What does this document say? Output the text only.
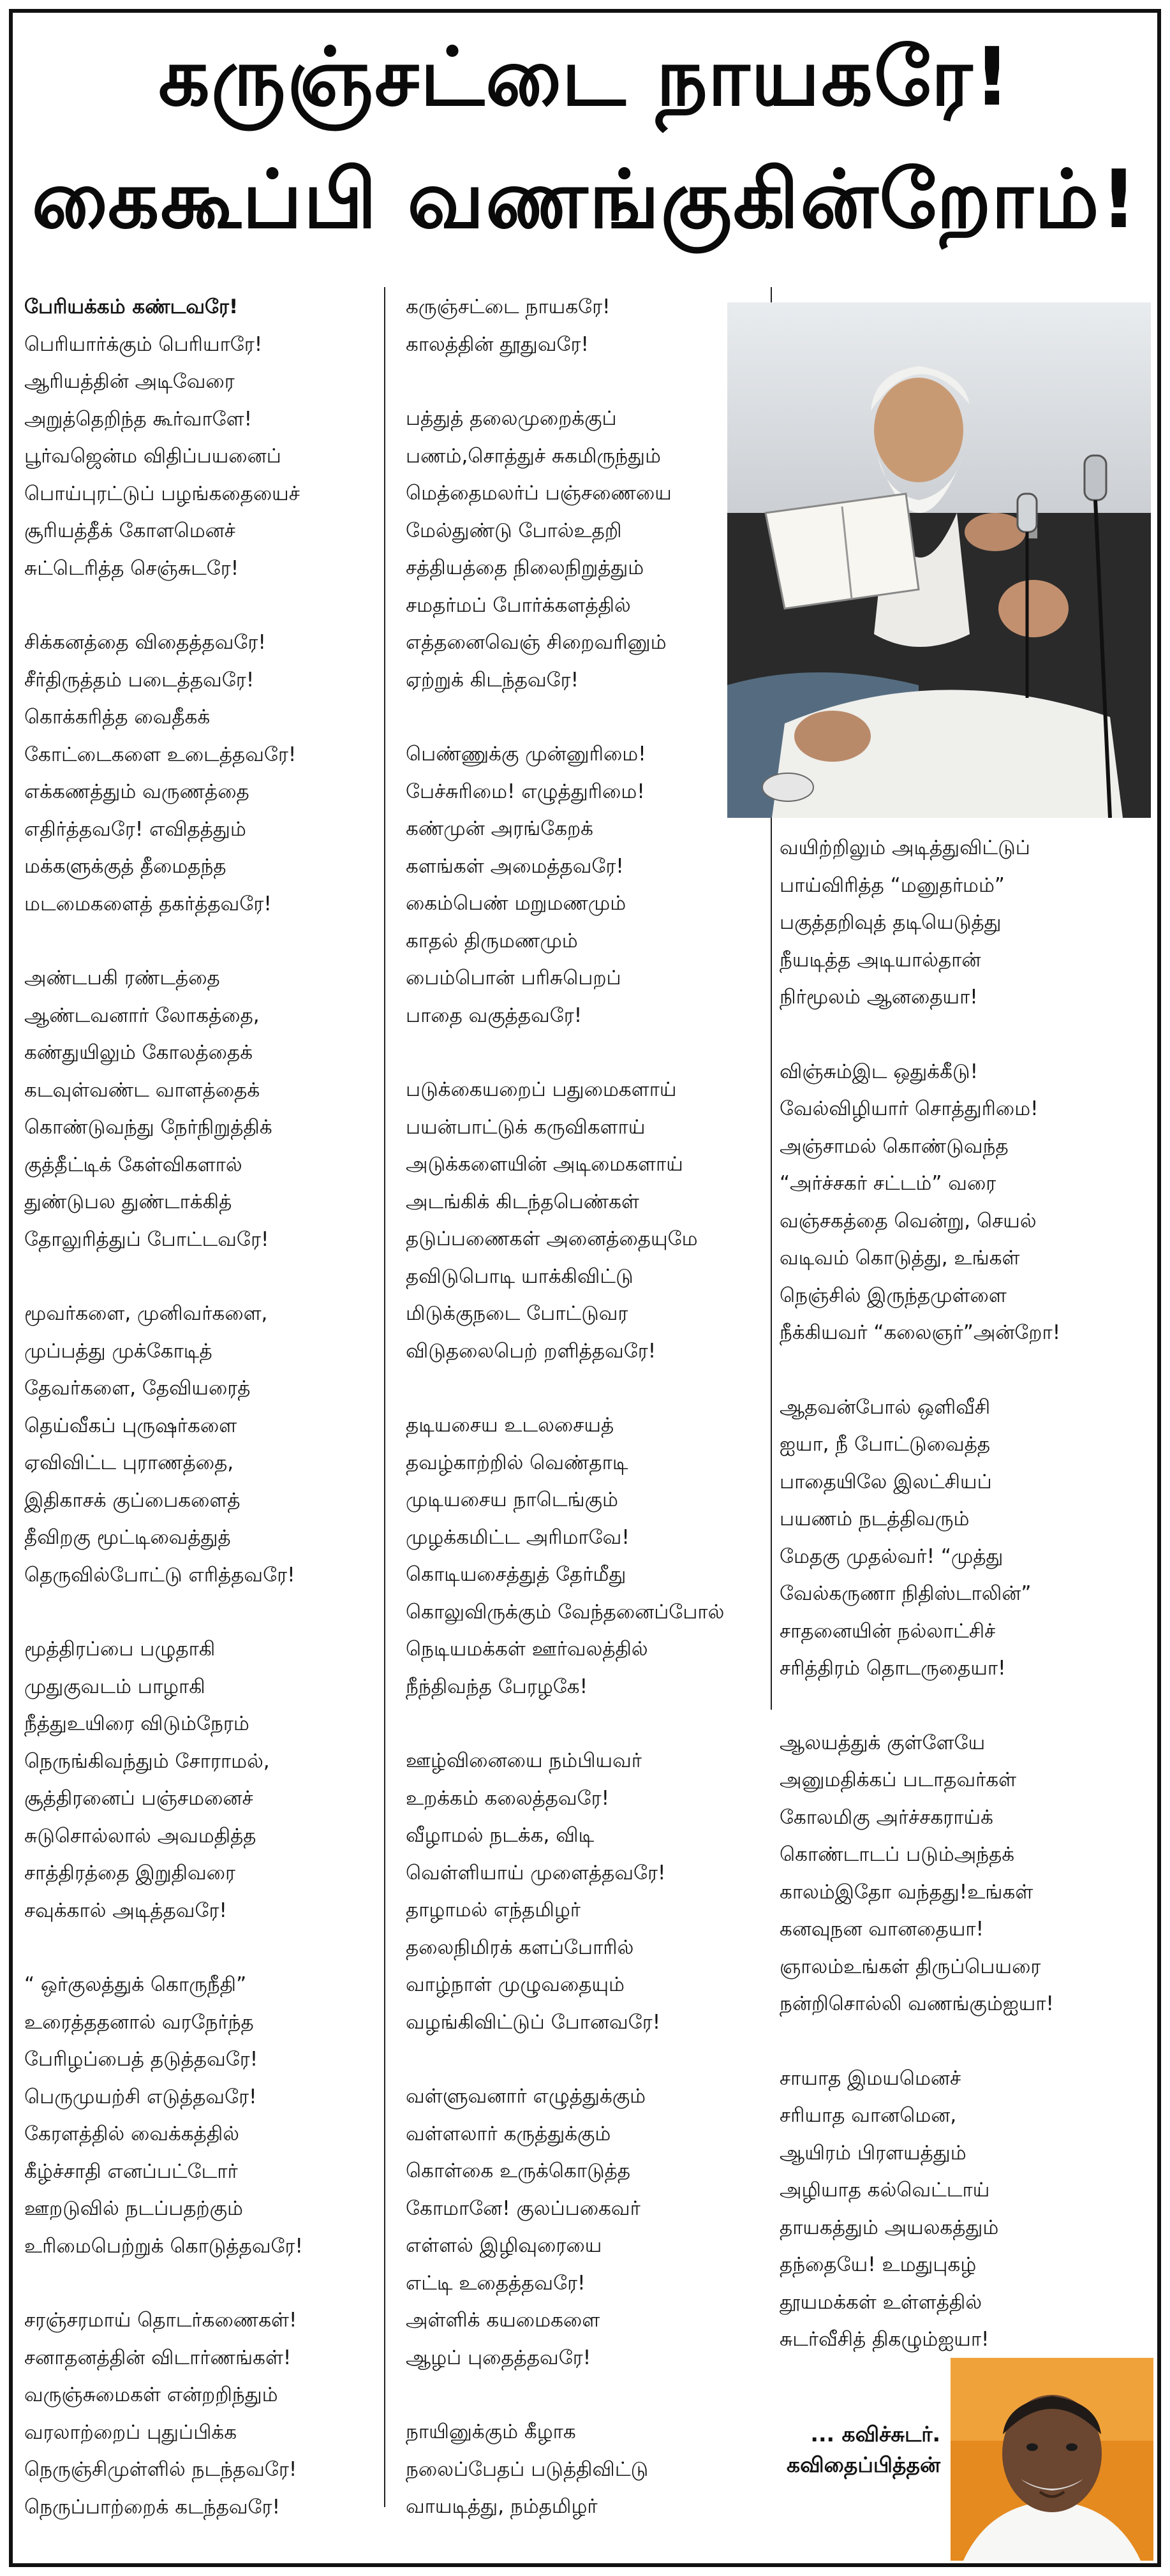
கருஞ்சட்டை நாயகரே!
கைகூப்பி வணங்குகின்றோம்!

பேரியக்கம் கண்டவரே!
பெரியார்க்கும் பெரியாரே!
ஆரியத்தின் அடிவேரை
அறுத்தெறிந்த கூர்வாளே!
பூர்வஜென்ம விதிப்பயனைப்
பொய்புரட்டுப் பழங்கதையைச்
சூரியத்தீக் கோளமெனச்
சுட்டெரித்த செஞ்சுடரே!

சிக்கனத்தை விதைத்தவரே!
சீர்திருத்தம் படைத்தவரே!
கொக்கரித்த வைதீகக்
கோட்டைகளை உடைத்தவரே!
எக்கணத்தும் வருணத்தை
எதிர்த்தவரே! எவிதத்தும்
மக்களுக்குத் தீமைதந்த
மடமைகளைத் தகர்த்தவரே!

அண்டபகி ரண்டத்தை
ஆண்டவனார் லோகத்தை,
கண்துயிலும் கோலத்தைக்
கடவுள்வண்ட வாளத்தைக்
கொண்டுவந்து நேர்நிறுத்திக்
குத்தீட்டிக் கேள்விகளால்
துண்டுபல துண்டாக்கித்
தோலுரித்துப் போட்டவரே!

மூவர்களை, முனிவர்களை,
முப்பத்து முக்கோடித்
தேவர்களை, தேவியரைத்
தெய்வீகப் புருஷர்களை
ஏவிவிட்ட புராணத்தை,
இதிகாசக் குப்பைகளைத்
தீவிறகு மூட்டிவைத்துத்
தெருவில்போட்டு எரித்தவரே!

மூத்திரப்பை பழுதாகி
முதுகுவடம் பாழாகி
நீத்துஉயிரை விடும்நேரம்
நெருங்கிவந்தும் சோராமல்,
சூத்திரனைப் பஞ்சமனைச்
சுடுசொல்லால் அவமதித்த
சாத்திரத்தை இறுதிவரை
சவுக்கால் அடித்தவரே!

“ ஒர்குலத்துக் கொருநீதி”
உரைத்ததனால் வரநேர்ந்த
பேரிழப்பைத் தடுத்தவரே!
பெருமுயற்சி எடுத்தவரே!
கேரளத்தில் வைக்கத்தில்
கீழ்ச்சாதி எனப்பட்டோர்
ஊறடுவில் நடப்பதற்கும்
உரிமைபெற்றுக் கொடுத்தவரே!

சரஞ்சரமாய் தொடர்கணைகள்!
சனாதனத்தின் விடார்ணங்கள்!
வருஞ்சுமைகள் என்றறிந்தும்
வரலாற்றைப் புதுப்பிக்க
நெருஞ்சிமுள்ளில் நடந்தவரே!
நெருப்பாற்றைக் கடந்தவரே!

கருஞ்சட்டை நாயகரே!
காலத்தின் தூதுவரே!

பத்துத் தலைமுறைக்குப்
பணம்,சொத்துச் சுகமிருந்தும்
மெத்தைமலர்ப் பஞ்சணையை
மேல்துண்டு போல்உதறி
சத்தியத்தை நிலைநிறுத்தும்
சமதர்மப் போர்க்களத்தில்
எத்தனைவெஞ் சிறைவரினும்
ஏற்றுக் கிடந்தவரே!

பெண்ணுக்கு முன்னுரிமை!
பேச்சுரிமை! எழுத்துரிமை!
கண்முன் அரங்கேறக்
களங்கள் அமைத்தவரே!
கைம்பெண் மறுமணமும்
காதல் திருமணமும்
பைம்பொன் பரிசுபெறப்
பாதை வகுத்தவரே!

படுக்கையறைப் பதுமைகளாய்
பயன்பாட்டுக் கருவிகளாய்
அடுக்களையின் அடிமைகளாய்
அடங்கிக் கிடந்தபெண்கள்
தடுப்பணைகள் அனைத்தையுமே
தவிடுபொடி யாக்கிவிட்டு
மிடுக்குநடை போட்டுவர
விடுதலைபெற் றளித்தவரே!

தடியசைய உடலசையத்
தவழ்காற்றில் வெண்தாடி
முடியசைய நாடெங்கும்
முழக்கமிட்ட அரிமாவே!
கொடியசைத்துத் தேர்மீது
கொலுவிருக்கும் வேந்தனைப்போல்
நெடியமக்கள் ஊர்வலத்தில்
நீந்திவந்த பேரழகே!

ஊழ்வினையை நம்பியவர்
உறக்கம் கலைத்தவரே!
வீழாமல் நடக்க, விடி
வெள்ளியாய் முளைத்தவரே!
தாழாமல் எந்தமிழர்
தலைநிமிரக் களப்போரில்
வாழ்நாள் முழுவதையும்
வழங்கிவிட்டுப் போனவரே!

வள்ளுவனார் எழுத்துக்கும்
வள்ளலார் கருத்துக்கும்
கொள்கை உருக்கொடுத்த
கோமானே! குலப்பகைவர்
எள்ளல் இழிவுரையை
எட்டி உதைத்தவரே!
அள்ளிக் கயமைகளை
ஆழப் புதைத்தவரே!

நாயினுக்கும் கீழாக
நலைப்பேதப் படுத்திவிட்டு
வாயடித்து, நம்தமிழர்

வயிற்றிலும் அடித்துவிட்டுப்
பாய்விரித்த “மனுதர்மம்”
பகுத்தறிவுத் தடியெடுத்து
நீயடித்த அடியால்தான்
நிர்மூலம் ஆனதையா!

விஞ்சும்இட ஒதுக்கீடு!
வேல்விழியார் சொத்துரிமை!
அஞ்சாமல் கொண்டுவந்த
“அர்ச்சகர் சட்டம்” வரை
வஞ்சகத்தை வென்று, செயல்
வடிவம் கொடுத்து, உங்கள்
நெஞ்சில் இருந்தமுள்ளை
நீக்கியவர் “கலைஞர்”அன்றோ!

ஆதவன்போல் ஒளிவீசி
ஐயா, நீ போட்டுவைத்த
பாதையிலே இலட்சியப்
பயணம் நடத்திவரும்
மேதகு முதல்வர்! “முத்து
வேல்கருணா நிதிஸ்டாலின்”
சாதனையின் நல்லாட்சிச்
சரித்திரம் தொடருதையா!

ஆலயத்துக் குள்ளேயே
அனுமதிக்கப் படாதவர்கள்
கோலமிகு அர்ச்சகராய்க்
கொண்டாடப் படும்அந்தக்
காலம்இதோ வந்தது!உங்கள்
கனவுநன வானதையா!
ஞாலம்உங்கள் திருப்பெயரை
நன்றிசொல்லி வணங்கும்ஐயா!

சாயாத இமயமெனச்
சரியாத வானமென,
ஆயிரம் பிரளயத்தும்
அழியாத கல்வெட்டாய்
தாயகத்தும் அயலகத்தும்
தந்தையே! உமதுபுகழ்
தூயமக்கள் உள்ளத்தில்
சுடர்வீசித் திகழும்ஐயா!

... கவிச்சுடர்.
கவிதைப்பித்தன்
